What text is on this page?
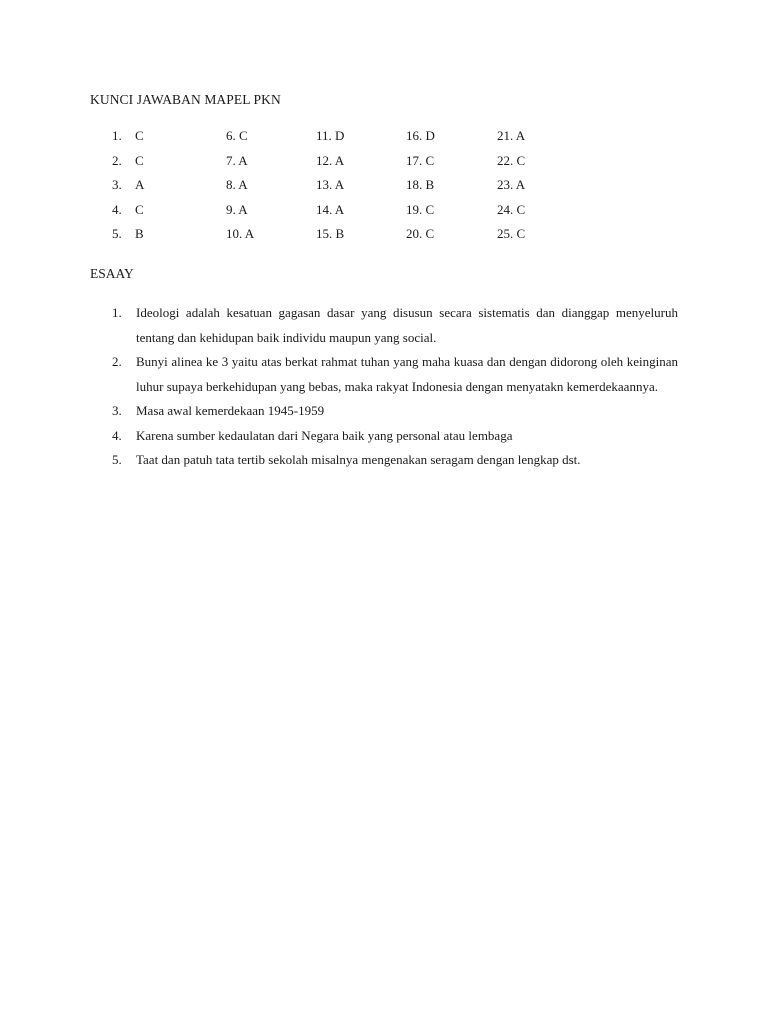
KUNCI JAWABAN MAPEL PKN
1. C	6. C	11. D	16. D	21. A
2. C	7. A	12. A	17. C	22. C
3. A	8. A	13. A	18. B	23. A
4. C	9. A	14. A	19. C	24. C
5. B	10. A	15. B	20. C	25. C
ESAAY
1. Ideologi adalah kesatuan gagasan dasar yang disusun secara sistematis dan dianggap menyeluruh tentang dan kehidupan baik individu maupun yang social.
2. Bunyi alinea ke 3 yaitu atas berkat rahmat tuhan yang maha kuasa dan dengan didorong oleh keinginan luhur supaya berkehidupan yang bebas, maka rakyat Indonesia dengan menyatakn kemerdekaannya.
3. Masa awal kemerdekaan 1945-1959
4. Karena sumber kedaulatan dari Negara baik yang personal atau lembaga
5. Taat dan patuh tata tertib sekolah misalnya mengenakan seragam dengan lengkap dst.
